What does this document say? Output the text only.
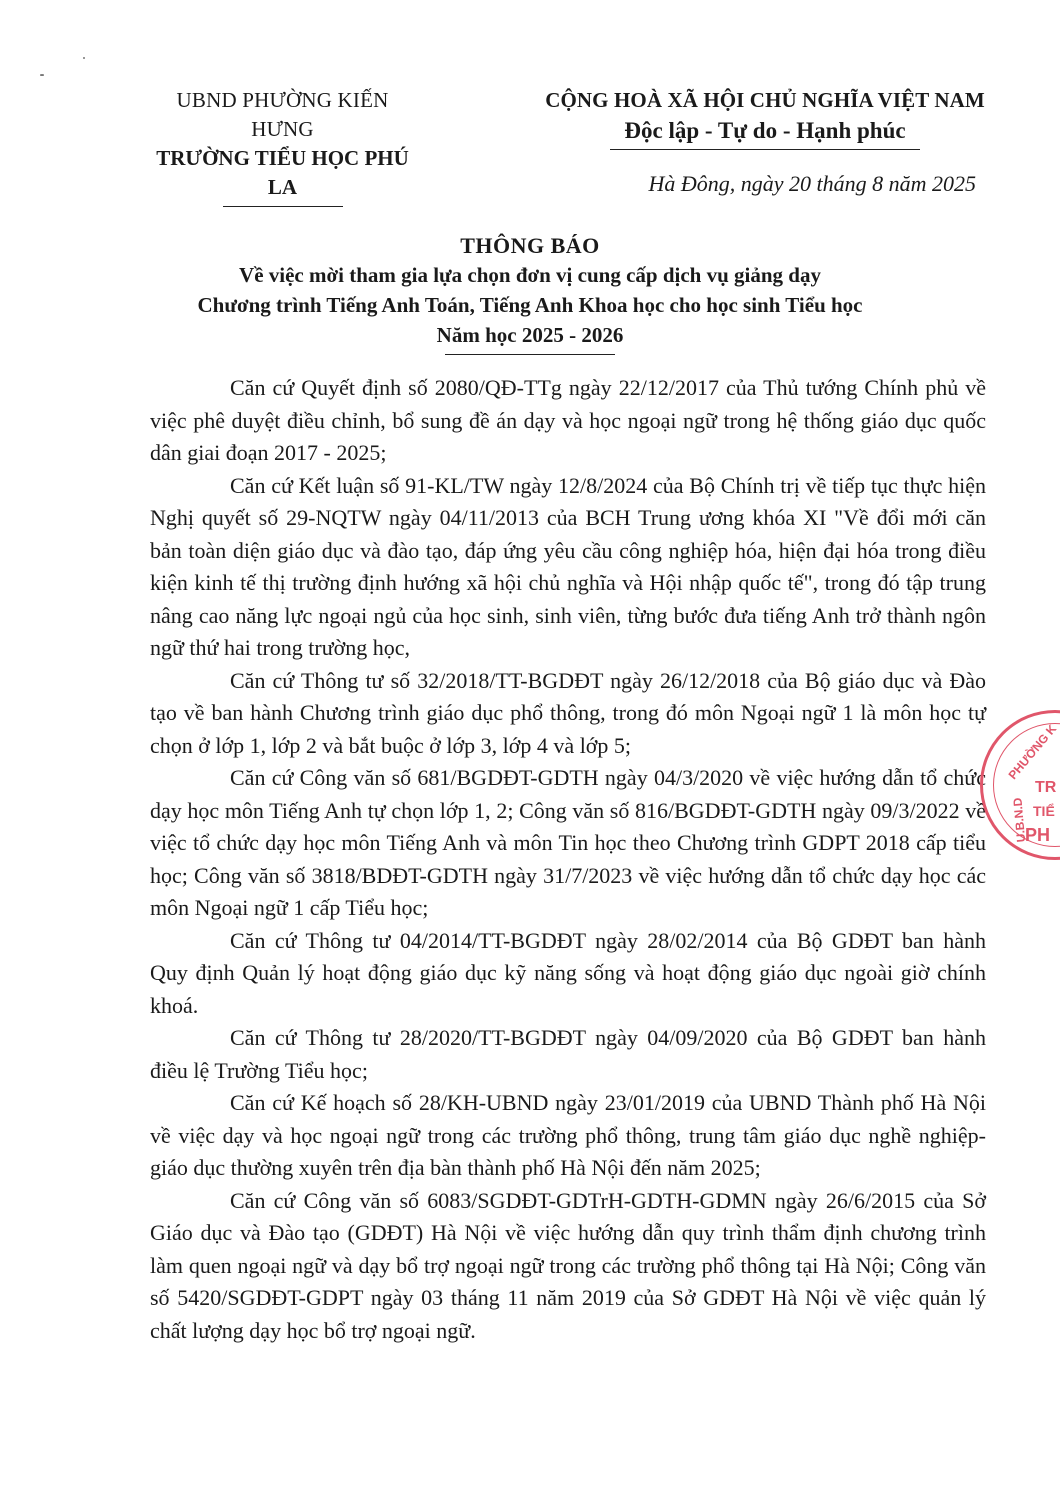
UBND PHƯỜNG KIẾN HƯNG
TRƯỜNG TIỂU HỌC PHÚ LA
CỘNG HOÀ XÃ HỘI CHỦ NGHĨA VIỆT NAM
Độc lập - Tự do - Hạnh phúc
Hà Đông, ngày 20 tháng 8 năm 2025
THÔNG BÁO
Về việc mời tham gia lựa chọn đơn vị cung cấp dịch vụ giảng dạy
Chương trình Tiếng Anh Toán, Tiếng Anh Khoa học cho học sinh Tiểu học
Năm học 2025 - 2026

Căn cứ Quyết định số 2080/QĐ-TTg ngày 22/12/2017 của Thủ tướng Chính phủ về việc phê duyệt điều chỉnh, bổ sung đề án dạy và học ngoại ngữ trong hệ thống giáo dục quốc dân giai đoạn 2017 - 2025;

Căn cứ Kết luận số 91-KL/TW ngày 12/8/2024 của Bộ Chính trị về tiếp tục thực hiện Nghị quyết số 29-NQTW ngày 04/11/2013 của BCH Trung ương khóa XI "Về đổi mới căn bản toàn diện giáo dục và đào tạo, đáp ứng yêu cầu công nghiệp hóa, hiện đại hóa trong điều kiện kinh tế thị trường định hướng xã hội chủ nghĩa và Hội nhập quốc tế", trong đó tập trung nâng cao năng lực ngoại ngủ của học sinh, sinh viên, từng bước đưa tiếng Anh trở thành ngôn ngữ thứ hai trong trường học,

Căn cứ Thông tư số 32/2018/TT-BGDĐT ngày 26/12/2018 của Bộ giáo dục và Đào tạo về ban hành Chương trình giáo dục phổ thông, trong đó môn Ngoại ngữ 1 là môn học tự chọn ở lớp 1, lớp 2 và bắt buộc ở lớp 3, lớp 4 và lớp 5;

Căn cứ Công văn số 681/BGDĐT-GDTH ngày 04/3/2020 về việc hướng dẫn tổ chức dạy học môn Tiếng Anh tự chọn lớp 1, 2; Công văn số 816/BGDĐT-GDTH ngày 09/3/2022 về việc tổ chức dạy học môn Tiếng Anh và môn Tin học theo Chương trình GDPT 2018 cấp tiểu học; Công văn số 3818/BDĐT-GDTH ngày 31/7/2023 về việc hướng dẫn tổ chức dạy học các môn Ngoại ngữ 1 cấp Tiểu học;

Căn cứ Thông tư 04/2014/TT-BGDĐT ngày 28/02/2014 của Bộ GDĐT ban hành Quy định Quản lý hoạt động giáo dục kỹ năng sống và hoạt động giáo dục ngoài giờ chính khoá.

Căn cứ Thông tư 28/2020/TT-BGDĐT ngày 04/09/2020 của Bộ GDĐT ban hành điều lệ Trường Tiểu học;

Căn cứ Kế hoạch số 28/KH-UBND ngày 23/01/2019 của UBND Thành phố Hà Nội về việc dạy và học ngoại ngữ trong các trường phổ thông, trung tâm giáo dục nghề nghiệp- giáo dục thường xuyên trên địa bàn thành phố Hà Nội đến năm 2025;

Căn cứ Công văn số 6083/SGDĐT-GDTrH-GDTH-GDMN ngày 26/6/2015 của Sở Giáo dục và Đào tạo (GDĐT) Hà Nội về việc hướng dẫn quy trình thẩm định chương trình làm quen ngoại ngữ và dạy bổ trợ ngoại ngữ trong các trường phổ thông tại Hà Nội; Công văn số 5420/SGDĐT-GDPT ngày 03 tháng 11 năm 2019 của Sở GDĐT Hà Nội về việc quản lý chất lượng dạy học bổ trợ ngoại ngữ.

PHƯỜNG K
U.B.N.D
TR
TIỂ
PH
